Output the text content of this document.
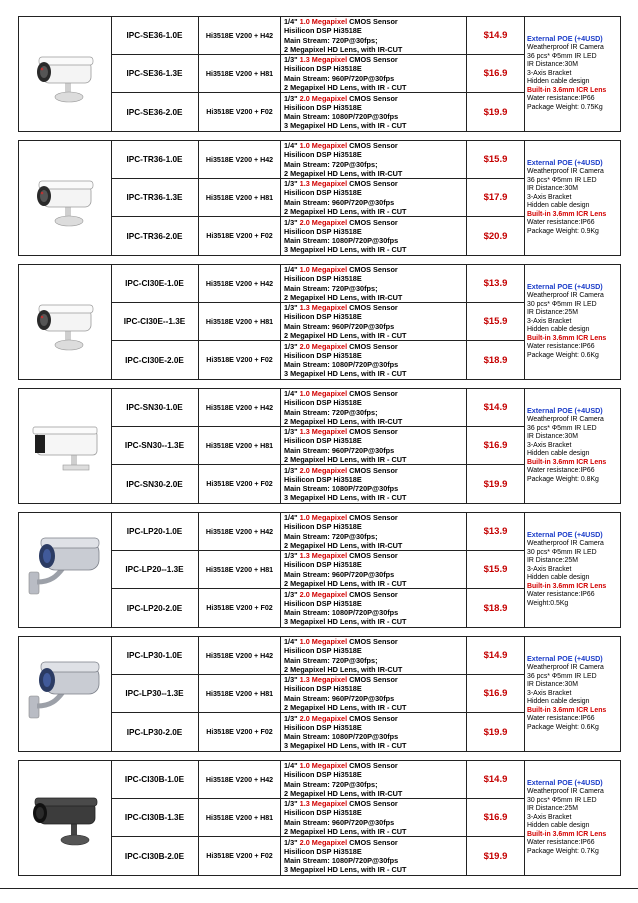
IPC-SE36-1.0E	Hi3518E V200 + H42
1/4" 1.0 Megapixel CMOS Sensor
Hisilicon DSP Hi3518E
Main Stream: 720P@30fps;
2 Megapixel HD Lens, with IR-CUT
$14.9
IPC-SE36-1.3E	Hi3518E V200 + H81
1/3" 1.3 Megapixel CMOS Sensor
Hisilicon DSP Hi3518E
Main Stream: 960P/720P@30fps
2 Megapixel HD Lens, with IR - CUT
$16.9
IPC-SE36-2.0E	Hi3518E V200 + F02
1/3" 2.0 Megapixel CMOS Sensor
Hisilicon DSP Hi3518E
Main Stream: 1080P/720P@30fps
3 Megapixel HD Lens, with IR - CUT
$19.9
External POE (+4USD)
Weatherproof IR Camera
36 pcs* Ф5mm IR LED
IR Distance:30M
3-Axis Bracket
Hidden cable design
Built-in 3.6mm ICR Lens
Water resistance:IP66
Package Weight: 0.75Kg
IPC-TR36-1.0E	Hi3518E V200 + H42
1/4" 1.0 Megapixel CMOS Sensor
Hisilicon DSP Hi3518E
Main Stream: 720P@30fps;
2 Megapixel HD Lens, with IR-CUT
$15.9
IPC-TR36-1.3E	Hi3518E V200 + H81
1/3" 1.3 Megapixel CMOS Sensor
Hisilicon DSP Hi3518E
Main Stream: 960P/720P@30fps
2 Megapixel HD Lens, with IR - CUT
$17.9
IPC-TR36-2.0E	Hi3518E V200 + F02
1/3" 2.0 Megapixel CMOS Sensor
Hisilicon DSP Hi3518E
Main Stream: 1080P/720P@30fps
3 Megapixel HD Lens, with IR - CUT
$20.9
External POE (+4USD)
Weatherproof IR Camera
36 pcs* Ф5mm IR LED
IR Distance:30M
3-Axis Bracket
Hidden cable design
Built-in 3.6mm ICR Lens
Water resistance:IP66
Package Weight: 0.9Kg
IPC-CI30E-1.0E	Hi3518E V200 + H42
1/4" 1.0 Megapixel CMOS Sensor
Hisilicon DSP Hi3518E
Main Stream: 720P@30fps;
2 Megapixel HD Lens, with IR-CUT
$13.9
IPC-CI30E--1.3E	Hi3518E V200 + H81
1/3" 1.3 Megapixel CMOS Sensor
Hisilicon DSP Hi3518E
Main Stream: 960P/720P@30fps
2 Megapixel HD Lens, with IR - CUT
$15.9
IPC-CI30E-2.0E	Hi3518E V200 + F02
1/3" 2.0 Megapixel CMOS Sensor
Hisilicon DSP Hi3518E
Main Stream: 1080P/720P@30fps
3 Megapixel HD Lens, with IR - CUT
$18.9
External POE (+4USD)
Weatherproof IR Camera
30 pcs* Ф5mm IR LED
IR Distance:25M
3-Axis Bracket
Hidden cable design
Built-in 3.6mm ICR Lens
Water resistance:IP66
Package Weight: 0.6Kg
IPC-SN30-1.0E	Hi3518E V200 + H42
1/4" 1.0 Megapixel CMOS Sensor
Hisilicon DSP Hi3518E
Main Stream: 720P@30fps;
2 Megapixel HD Lens, with IR-CUT
$14.9
IPC-SN30--1.3E	Hi3518E V200 + H81
1/3" 1.3 Megapixel CMOS Sensor
Hisilicon DSP Hi3518E
Main Stream: 960P/720P@30fps
2 Megapixel HD Lens, with IR - CUT
$16.9
IPC-SN30-2.0E	Hi3518E V200 + F02
1/3" 2.0 Megapixel CMOS Sensor
Hisilicon DSP Hi3518E
Main Stream: 1080P/720P@30fps
3 Megapixel HD Lens, with IR - CUT
$19.9
External POE (+4USD)
Weatherproof IR Camera
36 pcs* Ф5mm IR LED
IR Distance:30M
3-Axis Bracket
Hidden cable design
Built-in 3.6mm ICR Lens
Water resistance:IP66
Package Weight: 0.8Kg
IPC-LP20-1.0E	Hi3518E V200 + H42
1/4" 1.0 Megapixel CMOS Sensor
Hisilicon DSP Hi3518E
Main Stream: 720P@30fps;
2 Megapixel HD Lens, with IR-CUT
$13.9
IPC-LP20--1.3E	Hi3518E V200 + H81
1/3" 1.3 Megapixel CMOS Sensor
Hisilicon DSP Hi3518E
Main Stream: 960P/720P@30fps
2 Megapixel HD Lens, with IR - CUT
$15.9
IPC-LP20-2.0E	Hi3518E V200 + F02
1/3" 2.0 Megapixel CMOS Sensor
Hisilicon DSP Hi3518E
Main Stream: 1080P/720P@30fps
3 Megapixel HD Lens, with IR - CUT
$18.9
External POE (+4USD)
Weatherproof IR Camera
30 pcs* Ф5mm IR LED
IR Distance:25M
3-Axis Bracket
Hidden cable design
Built-in 3.6mm ICR Lens
Water resistance:IP66
Weight:0.5Kg
IPC-LP30-1.0E	Hi3518E V200 + H42
1/4" 1.0 Megapixel CMOS Sensor
Hisilicon DSP Hi3518E
Main Stream: 720P@30fps;
2 Megapixel HD Lens, with IR-CUT
$14.9
IPC-LP30--1.3E	Hi3518E V200 + H81
1/3" 1.3 Megapixel CMOS Sensor
Hisilicon DSP Hi3518E
Main Stream: 960P/720P@30fps
2 Megapixel HD Lens, with IR - CUT
$16.9
IPC-LP30-2.0E	Hi3518E V200 + F02
1/3" 2.0 Megapixel CMOS Sensor
Hisilicon DSP Hi3518E
Main Stream: 1080P/720P@30fps
3 Megapixel HD Lens, with IR - CUT
$19.9
External POE (+4USD)
Weatherproof IR Camera
36 pcs* Ф5mm IR LED
IR Distance:30M
3-Axis Bracket
Hidden cable design
Built-in 3.6mm ICR Lens
Water resistance:IP66
Package Weight: 0.6Kg
IPC-CI30B-1.0E	Hi3518E V200 + H42
1/4" 1.0 Megapixel CMOS Sensor
Hisilicon DSP Hi3518E
Main Stream: 720P@30fps;
2 Megapixel HD Lens, with IR-CUT
$14.9
IPC-CI30B-1.3E	Hi3518E V200 + H81
1/3" 1.3 Megapixel CMOS Sensor
Hisilicon DSP Hi3518E
Main Stream: 960P/720P@30fps
2 Megapixel HD Lens, with IR - CUT
$16.9
IPC-CI30B-2.0E	Hi3518E V200 + F02
1/3" 2.0 Megapixel CMOS Sensor
Hisilicon DSP Hi3518E
Main Stream: 1080P/720P@30fps
3 Megapixel HD Lens, with IR - CUT
$19.9
External POE (+4USD)
Weatherproof IR Camera
30 pcs* Ф5mm IR LED
IR Distance:25M
3-Axis Bracket
Hidden cable design
Built-in 3.6mm ICR Lens
Water resistance:IP66
Package Weight: 0.7Kg
